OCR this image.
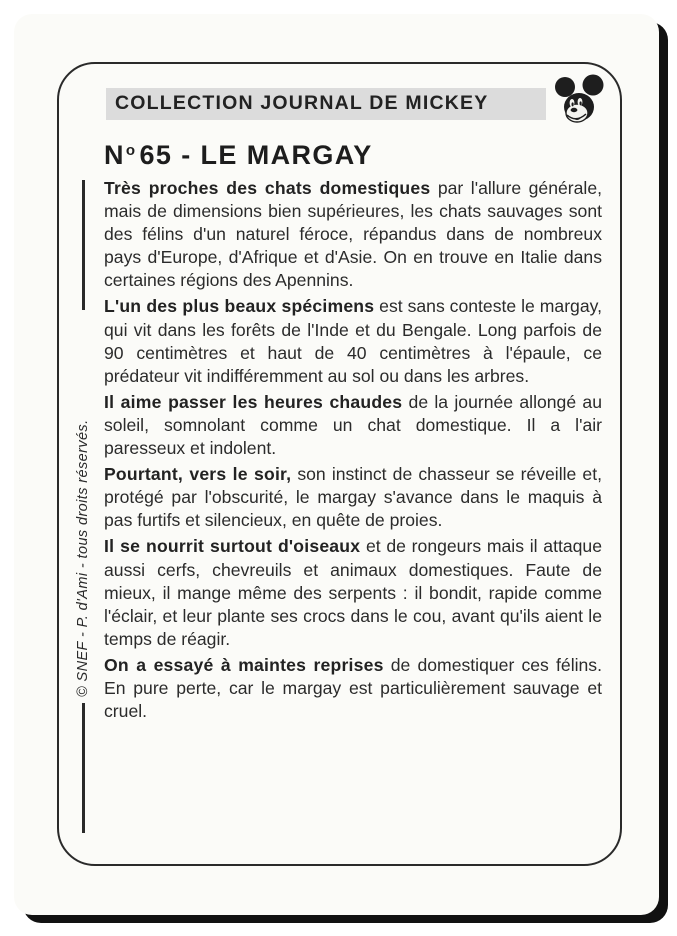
COLLECTION JOURNAL DE MICKEY
$N^o$ 65 - LE MARGAY
© SNEF - P. d'Ami - tous droits réservés.

Très proches des chats domestiques par l'allure générale, mais de dimensions bien supérieures, les chats sauvages sont des félins d'un naturel féroce, répandus dans de nombreux pays d'Europe, d'Afrique et d'Asie. On en trouve en Italie dans certaines régions des Apennins.

L'un des plus beaux spécimens est sans conteste le margay, qui vit dans les forêts de l'Inde et du Bengale. Long parfois de 90 centimètres et haut de 40 centimètres à l'épaule, ce prédateur vit indifféremment au sol ou dans les arbres.

Il aime passer les heures chaudes de la journée allongé au soleil, somnolant comme un chat domestique. Il a l'air paresseux et indolent.

Pourtant, vers le soir, son instinct de chasseur se réveille et, protégé par l'obscurité, le margay s'avance dans le maquis à pas furtifs et silencieux, en quête de proies.

Il se nourrit surtout d'oiseaux et de rongeurs mais il attaque aussi cerfs, chevreuils et animaux domestiques. Faute de mieux, il mange même des serpents : il bondit, rapide comme l'éclair, et leur plante ses crocs dans le cou, avant qu'ils aient le temps de réagir.

On a essayé à maintes reprises de domestiquer ces félins. En pure perte, car le margay est particulièrement sauvage et cruel.
